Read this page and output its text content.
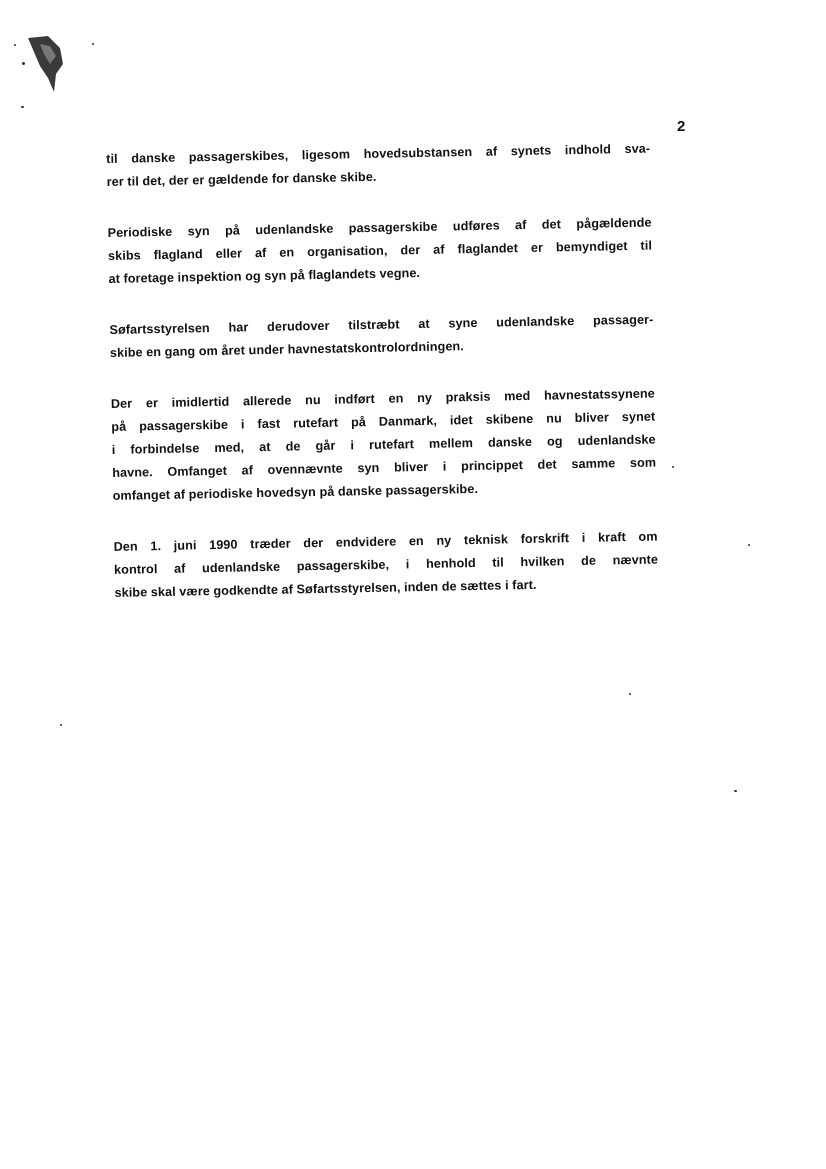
2

til danske passagerskibes, ligesom hovedsubstansen af synets indhold sva-
rer til det, der er gældende for danske skibe.

Periodiske syn på udenlandske passagerskibe udføres af det pågældende
skibs flagland eller af en organisation, der af flaglandet er bemyndiget til
at foretage inspektion og syn på flaglandets vegne.

Søfartsstyrelsen har derudover tilstræbt at syne udenlandske passager-
skibe en gang om året under havnestatskontrolordningen.

Der er imidlertid allerede nu indført en ny praksis med havnestatssynene
på passagerskibe i fast rutefart på Danmark, idet skibene nu bliver synet
i forbindelse med, at de går i rutefart mellem danske og udenlandske
havne. Omfanget af ovennævnte syn bliver i princippet det samme som
omfanget af periodiske hovedsyn på danske passagerskibe.

Den 1. juni 1990 træder der endvidere en ny teknisk forskrift i kraft om
kontrol af udenlandske passagerskibe, i henhold til hvilken de nævnte
skibe skal være godkendte af Søfartsstyrelsen, inden de sættes i fart.
